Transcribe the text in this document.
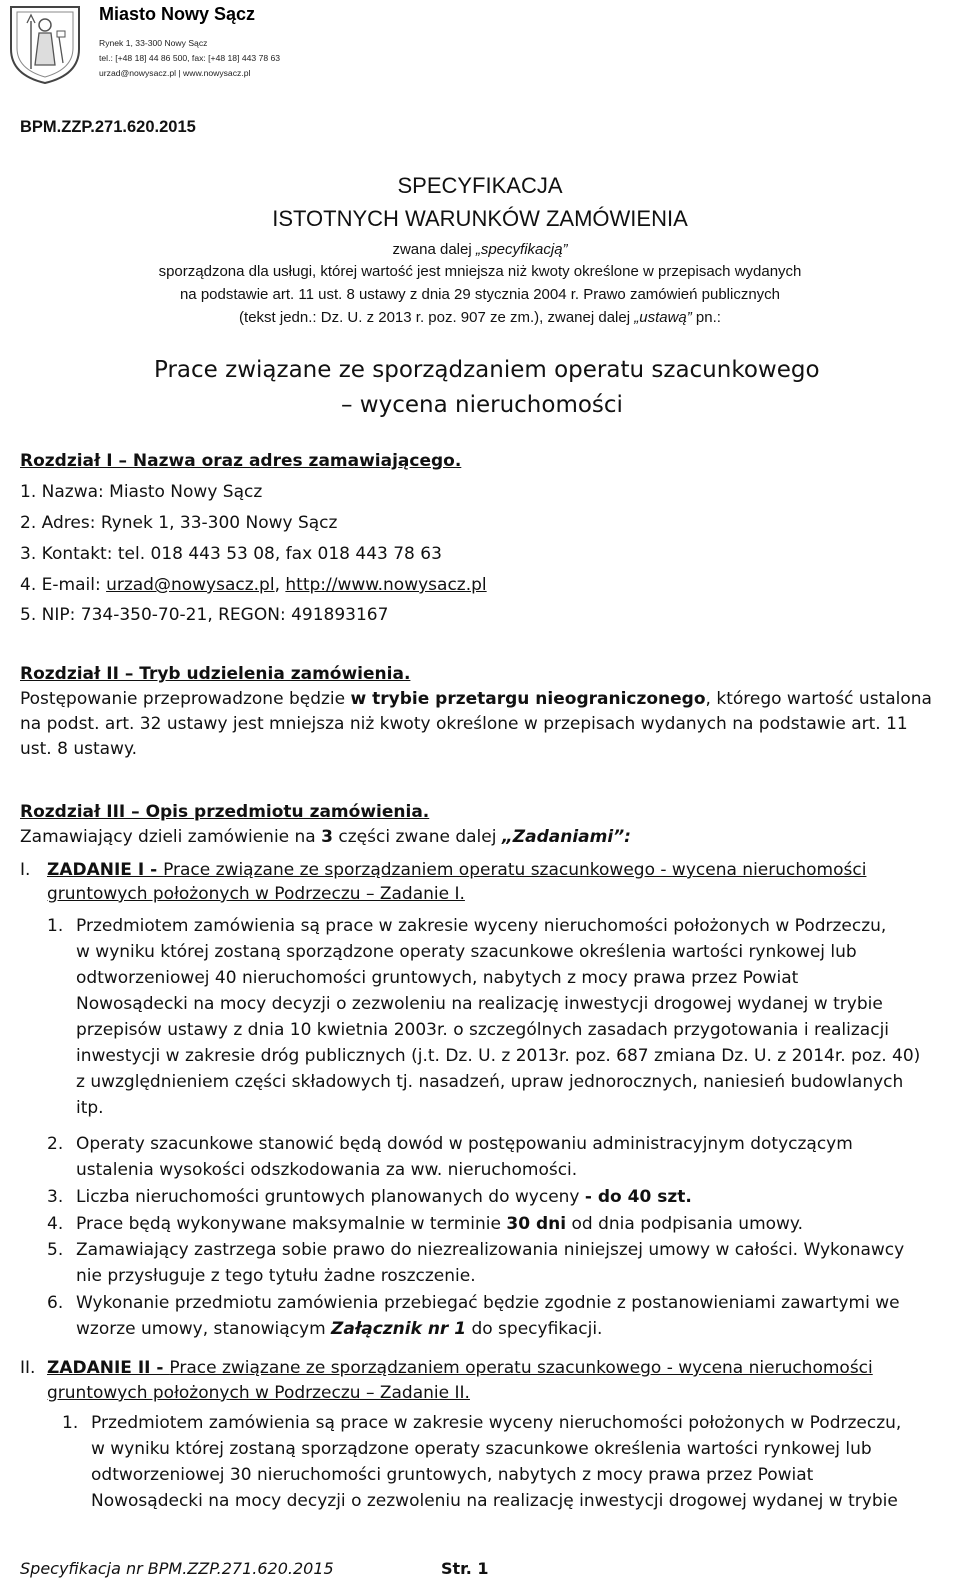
Miasto Nowy Sącz
Rynek 1, 33-300 Nowy Sącz
tel.: [+48 18] 44 86 500, fax: [+48 18] 443 78 63
urzad@nowysacz.pl | www.nowysacz.pl
BPM.ZZP.271.620.2015
SPECYFIKACJA
ISTOTNYCH WARUNKÓW ZAMÓWIENIA
zwana dalej „specyfikacją”
sporządzona dla usługi, której wartość jest mniejsza niż kwoty określone w przepisach wydanych
na podstawie art. 11 ust. 8 ustawy z dnia 29 stycznia 2004 r. Prawo zamówień publicznych
(tekst jedn.: Dz. U. z 2013 r. poz. 907 ze zm.), zwanej dalej „ustawą” pn.:
Prace związane ze sporządzaniem operatu szacunkowego
– wycena nieruchomości
Rozdział I – Nazwa oraz adres zamawiającego.
1. Nazwa: Miasto Nowy Sącz
2. Adres: Rynek 1, 33-300 Nowy Sącz
3. Kontakt: tel. 018 443 53 08, fax 018 443 78 63
4. E-mail: urzad@nowysacz.pl, http://www.nowysacz.pl
5. NIP: 734-350-70-21, REGON: 491893167
Rozdział II – Tryb udzielenia zamówienia.
Postępowanie przeprowadzone będzie w trybie przetargu nieograniczonego, którego wartość ustalona
na podst. art. 32 ustawy jest mniejsza niż kwoty określone w przepisach wydanych na podstawie art. 11
ust. 8 ustawy.
Rozdział III – Opis przedmiotu zamówienia.
Zamawiający dzieli zamówienie na 3 części zwane dalej „Zadaniami”:
I. ZADANIE I - Prace związane ze sporządzaniem operatu szacunkowego - wycena nieruchomości
gruntowych położonych w Podrzeczu – Zadanie I.
1. Przedmiotem zamówienia są prace w zakresie wyceny nieruchomości położonych w Podrzeczu,
w wyniku której zostaną sporządzone operaty szacunkowe określenia wartości rynkowej lub
odtworzeniowej 40 nieruchomości gruntowych, nabytych z mocy prawa przez Powiat
Nowosądecki na mocy decyzji o zezwoleniu na realizację inwestycji drogowej wydanej w trybie
przepisów ustawy z dnia 10 kwietnia 2003r. o szczególnych zasadach przygotowania i realizacji
inwestycji w zakresie dróg publicznych (j.t. Dz. U. z 2013r. poz. 687 zmiana Dz. U. z 2014r. poz. 40)
z uwzględnieniem części składowych tj. nasadzeń, upraw jednorocznych, naniesień budowlanych
itp.
2. Operaty szacunkowe stanowić będą dowód w postępowaniu administracyjnym dotyczącym
ustalenia wysokości odszkodowania za ww. nieruchomości.
3. Liczba nieruchomości gruntowych planowanych do wyceny - do 40 szt.
4. Prace będą wykonywane maksymalnie w terminie 30 dni od dnia podpisania umowy.
5. Zamawiający zastrzega sobie prawo do niezrealizowania niniejszej umowy w całości. Wykonawcy
nie przysługuje z tego tytułu żadne roszczenie.
6. Wykonanie przedmiotu zamówienia przebiegać będzie zgodnie z postanowieniami zawartymi we
wzorze umowy, stanowiącym Załącznik nr 1 do specyfikacji.
II. ZADANIE II - Prace związane ze sporządzaniem operatu szacunkowego - wycena nieruchomości
gruntowych położonych w Podrzeczu – Zadanie II.
1. Przedmiotem zamówienia są prace w zakresie wyceny nieruchomości położonych w Podrzeczu,
w wyniku której zostaną sporządzone operaty szacunkowe określenia wartości rynkowej lub
odtworzeniowej 30 nieruchomości gruntowych, nabytych z mocy prawa przez Powiat
Nowosądecki na mocy decyzji o zezwoleniu na realizację inwestycji drogowej wydanej w trybie
Specyfikacja nr BPM.ZZP.271.620.2015	Str. 1
